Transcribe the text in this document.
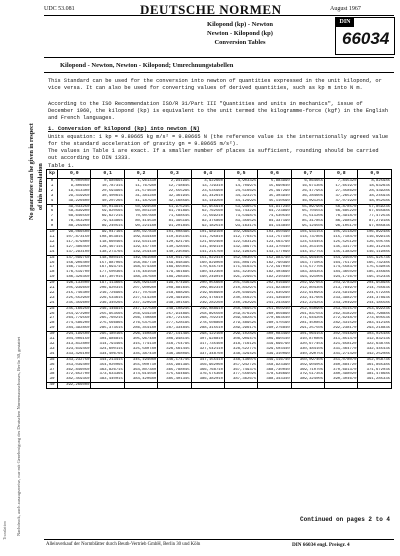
Translation Nachdruck, auch auszugsweise, nur mit Genehmigung des Deutschen Normenausschusses, Berlin 30, gestattet
No guarantee can be given in respect of this translation
UDC 53.081	DEUTSCHE NORMEN	August 1967
Kilopond (kp) - Newton
Newton - Kilopond (kp)
Conversion Tables
DIN
66034
Kilopond - Newton, Newton - Kilopond; Umrechnungstabellen
This Standard can be used for the conversion into newton of quantities expressed in the unit kilopond, or vice versa. It can also be used for converting values of derived quantities, such as kp m into N m.
According to the ISO Recommendation ISO/R 31/Part III "Quantities and units in mechanics", issue of December 1960, the kilopond (kp) is equivalent to the unit termed the kilogramme-force (kgf) in the English and French languages.
1. Conversion of kilopond (kp) into newton (N)
Units equation: 1 kp = 9.80665 kg m/s² = 9.80665 N (the reference value is the internationally agreed value for the standard acceleration of gravity gn = 9.80665 m/s²).
The values in Table 1 are exact. If a smaller number of places is sufficient, rounding should be carried out according to DIN 1333.
Table 1.
kp	0,0	0,1	0,2	0,3	0,4	0,5	0,6	0,7	0,8	0,9
0	0,000000	0,980665	1,961330	2,941995	3,922660	4,903325	5,883990	6,864655	7,845320	8,825985
1	9,806650	10,787315	11,767980	12,748645	13,729310	14,709975	15,690640	16,671305	17,651970	18,632635
2	19,613300	20,593965	21,574630	22,555295	23,535960	24,516625	25,497290	26,477955	27,458620	28,439285
3	29,419950	30,400615	31,381280	32,361945	33,342610	34,323275	35,303940	36,284605	37,265270	38,245935
4	39,226600	40,207265	41,187930	42,168595	43,149260	44,129925	45,110590	46,091255	47,071920	48,052585
5	49,033250	50,013915	50,994580	51,975245	52,955910	53,936575	54,917240	55,897905	56,878570	57,859235
6	58,839900	59,820565	60,801230	61,781895	62,762560	63,743225	64,723890	65,704555	66,685220	67,665885
7	68,646550	69,627215	70,607880	71,588545	72,569210	73,549875	74,530540	75,511205	76,491870	77,472535
8	78,453200	79,433865	80,414530	81,395195	82,375860	83,356525	84,337190	85,317855	86,298520	87,279185
9	88,259850	89,240515	90,221180	91,201845	92,182510	93,163175	94,143840	95,124505	96,105170	97,085835
10	98,066500	99,047165	100,027830	101,008495	101,989160	102,969825	103,950490	104,931155	105,911820	106,892485
11	107,873150	108,853815	109,834480	110,815145	111,795810	112,776475	113,757140	114,737805	115,718470	116,699135
12	117,679800	118,660465	119,641130	120,621795	121,602460	122,583125	123,563790	124,544455	125,525120	126,505785
13	127,486450	128,467115	129,447780	130,428445	131,409110	132,389775	133,370440	134,351105	135,331770	136,312435
14	137,293100	138,273765	139,254430	140,235095	141,215760	142,196425	143,177090	144,157755	145,138420	146,119085
15	147,099750	148,080415	149,061080	150,041745	151,022410	152,003075	152,983740	153,964405	154,945070	155,925735
16	156,906400	157,887065	158,867730	159,848395	160,829060	161,809725	162,790390	163,771055	164,751720	165,732385
17	166,713050	167,693715	168,674380	169,655045	170,635710	171,616375	172,597040	173,577705	174,558370	175,539035
18	176,519700	177,500365	178,481030	179,461695	180,442360	181,423025	182,403690	183,384355	184,365020	185,345685
19	186,326350	187,307015	188,287680	189,268345	190,249010	191,229675	192,210340	193,191005	194,171670	195,152335
20	196,133000	197,113665	198,094330	199,074995	200,055660	201,036325	202,016990	202,997655	203,978320	204,958985
21	205,939650	206,920315	207,900980	208,881645	209,862310	210,842975	211,823640	212,804305	213,784970	214,765635
22	215,746300	216,726965	217,707630	218,688295	219,668960	220,649625	221,630290	222,610955	223,591620	224,572285
23	225,552950	226,533615	227,514280	228,494945	229,475610	230,456275	231,436940	232,417605	233,398270	234,378935
24	235,359600	236,340265	237,320930	238,301595	239,282260	240,262925	241,243590	242,224255	243,204920	244,185585
25	245,166250	246,146915	247,127580	248,108245	249,088910	250,069575	251,050240	252,030905	253,011570	253,992235
26	254,972900	255,953565	256,934230	257,914895	258,895560	259,876225	260,856890	261,837555	262,818220	263,798885
27	264,779550	265,760215	266,740880	267,721545	268,702210	269,682875	270,663540	271,644205	272,624870	273,605535
28	274,586200	275,566865	276,547530	277,528195	278,508860	279,489525	280,470190	281,450855	282,431520	283,412185
29	284,392850	285,373515	286,354180	287,334845	288,315510	289,296175	290,276840	291,257505	292,238170	293,218835
30	294,199500	295,180165	296,160830	297,141495	298,122160	299,102825	300,083490	301,064155	302,044820	303,025485
31	304,006150	304,986815	305,967480	306,948145	307,928810	308,909475	309,890140	310,870805	311,851470	312,832135
32	313,812800	314,793465	315,774130	316,754795	317,735460	318,716125	319,696790	320,677455	321,658120	322,638785
33	323,619450	324,600115	325,580780	326,561445	327,542110	328,522775	329,503440	330,484105	331,464770	332,445435
34	333,426100	334,406765	335,387430	336,368095	337,348760	338,329425	339,310090	340,290755	341,271420	342,252085
35	343,232750	344,213415	345,194080	346,174745	347,155410	348,136075	349,116740	350,097405	351,078070	352,058735
36	353,039400	354,020065	355,000730	355,981395	356,962060	357,942725	358,923390	359,904055	360,884720	361,865385
37	362,846050	363,826715	364,807380	365,788045	366,768710	367,749375	368,730040	369,710705	370,691370	371,672035
38	372,652700	373,633365	374,614030	375,594695	376,575360	377,556025	378,536690	379,517355	380,498020	381,478685
39	382,459350	383,440015	384,420680	385,401345	386,382010	387,362675	388,343340	389,324005	390,304670	391,285335
40	392,266000									
Continued on pages 2 to 4
Alleinverkauf der Normblätter durch Beuth-Vertrieb GmbH, Berlin 30 und Köln	DIN 66034 engl. Preisgr. 4
